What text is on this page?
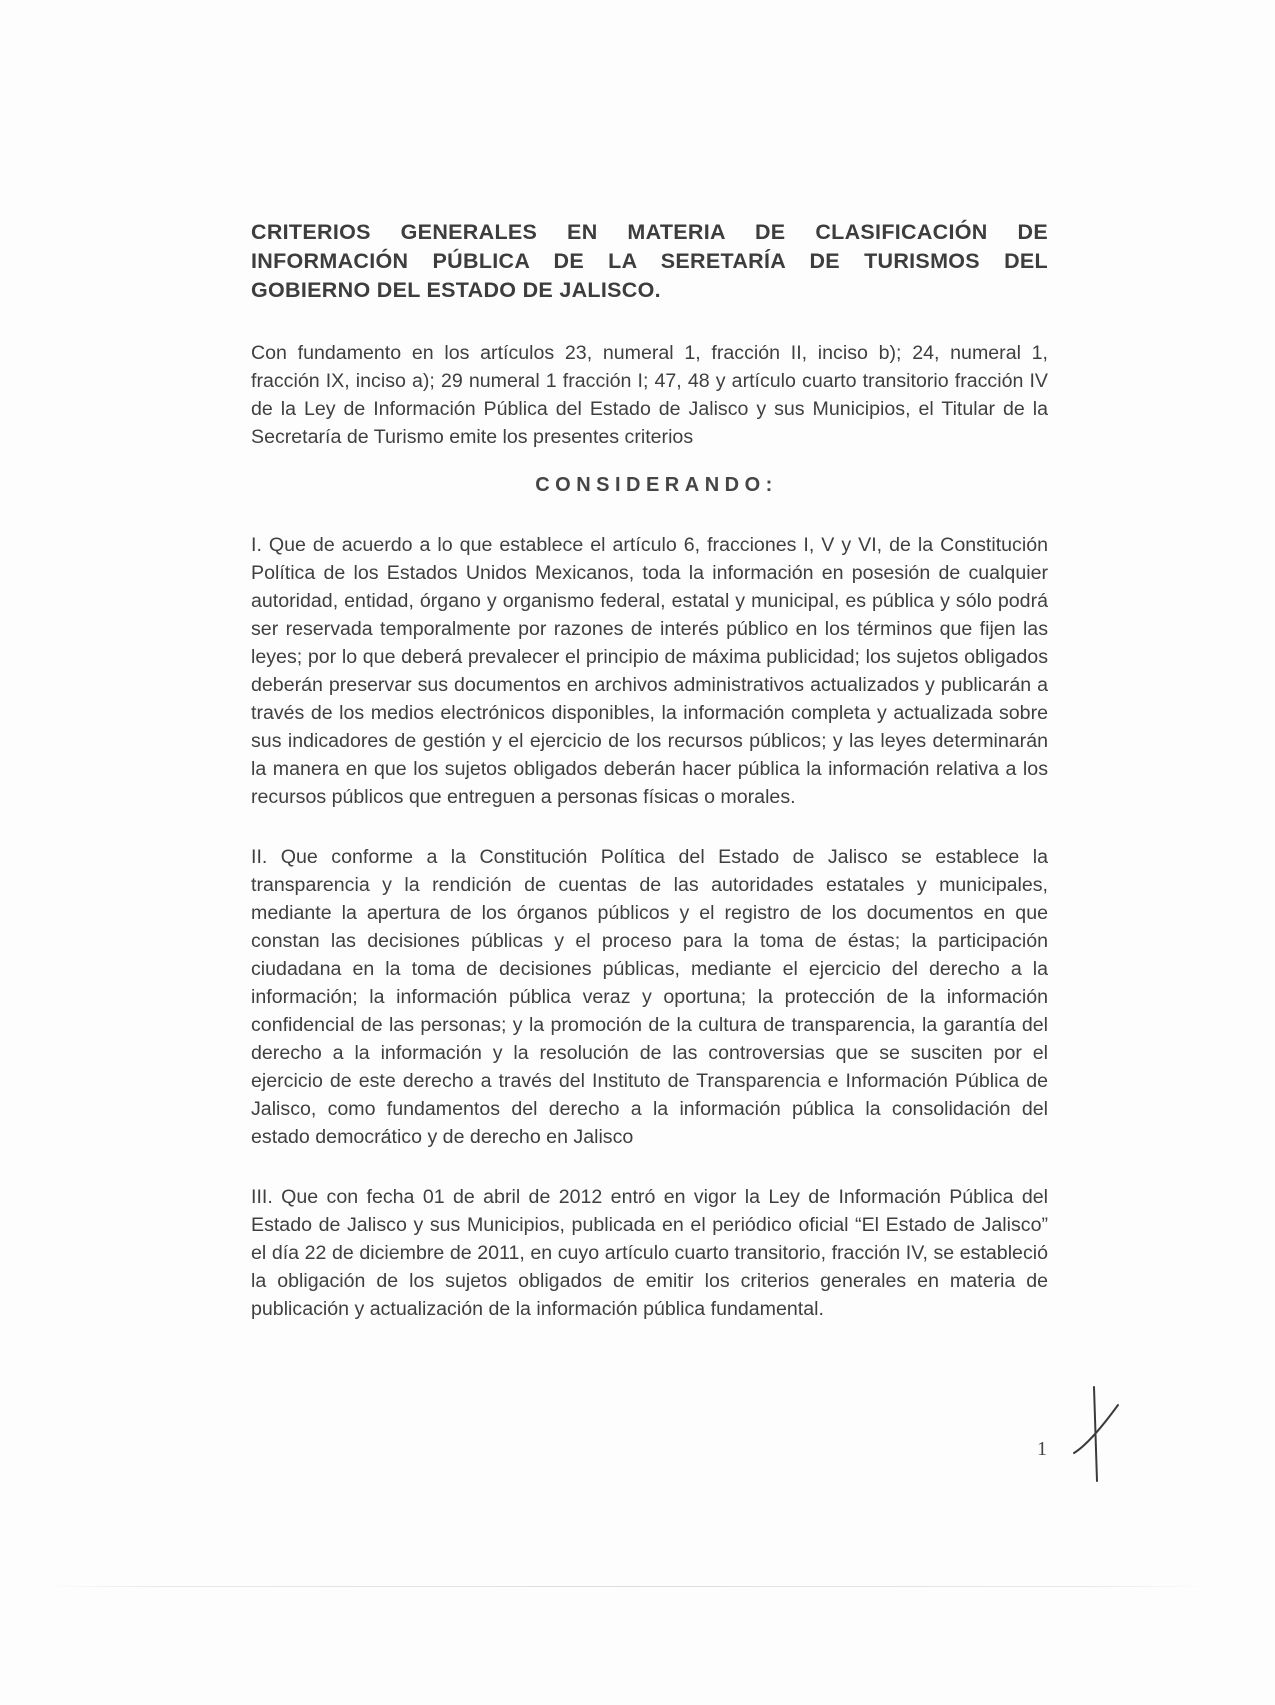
CRITERIOS GENERALES EN MATERIA DE CLASIFICACIÓN DE INFORMACIÓN PÚBLICA DE LA SERETARÍA DE TURISMOS DEL GOBIERNO DEL ESTADO DE JALISCO.

Con fundamento en los artículos 23, numeral 1, fracción II, inciso b); 24, numeral 1, fracción IX, inciso a); 29 numeral 1 fracción I; 47, 48 y artículo cuarto transitorio fracción IV de la Ley de Información Pública del Estado de Jalisco y sus Municipios, el Titular de la Secretaría de Turismo emite los presentes criterios

CONSIDERANDO:

I. Que de acuerdo a lo que establece el artículo 6, fracciones I, V y VI, de la Constitución Política de los Estados Unidos Mexicanos, toda la información en posesión de cualquier autoridad, entidad, órgano y organismo federal, estatal y municipal, es pública y sólo podrá ser reservada temporalmente por razones de interés público en los términos que fijen las leyes; por lo que deberá prevalecer el principio de máxima publicidad; los sujetos obligados deberán preservar sus documentos en archivos administrativos actualizados y publicarán a través de los medios electrónicos disponibles, la información completa y actualizada sobre sus indicadores de gestión y el ejercicio de los recursos públicos; y las leyes determinarán la manera en que los sujetos obligados deberán hacer pública la información relativa a los recursos públicos que entreguen a personas físicas o morales.

II. Que conforme a la Constitución Política del Estado de Jalisco se establece la transparencia y la rendición de cuentas de las autoridades estatales y municipales, mediante la apertura de los órganos públicos y el registro de los documentos en que constan las decisiones públicas y el proceso para la toma de éstas; la participación ciudadana en la toma de decisiones públicas, mediante el ejercicio del derecho a la información; la información pública veraz y oportuna; la protección de la información confidencial de las personas; y la promoción de la cultura de transparencia, la garantía del derecho a la información y la resolución de las controversias que se susciten por el ejercicio de este derecho a través del Instituto de Transparencia e Información Pública de Jalisco, como fundamentos del derecho a la información pública la consolidación del estado democrático y de derecho en Jalisco

III. Que con fecha 01 de abril de 2012 entró en vigor la Ley de Información Pública del Estado de Jalisco y sus Municipios, publicada en el periódico oficial “El Estado de Jalisco” el día 22 de diciembre de 2011, en cuyo artículo cuarto transitorio, fracción IV, se estableció la obligación de los sujetos obligados de emitir los criterios generales en materia de publicación y actualización de la información pública fundamental.

1
